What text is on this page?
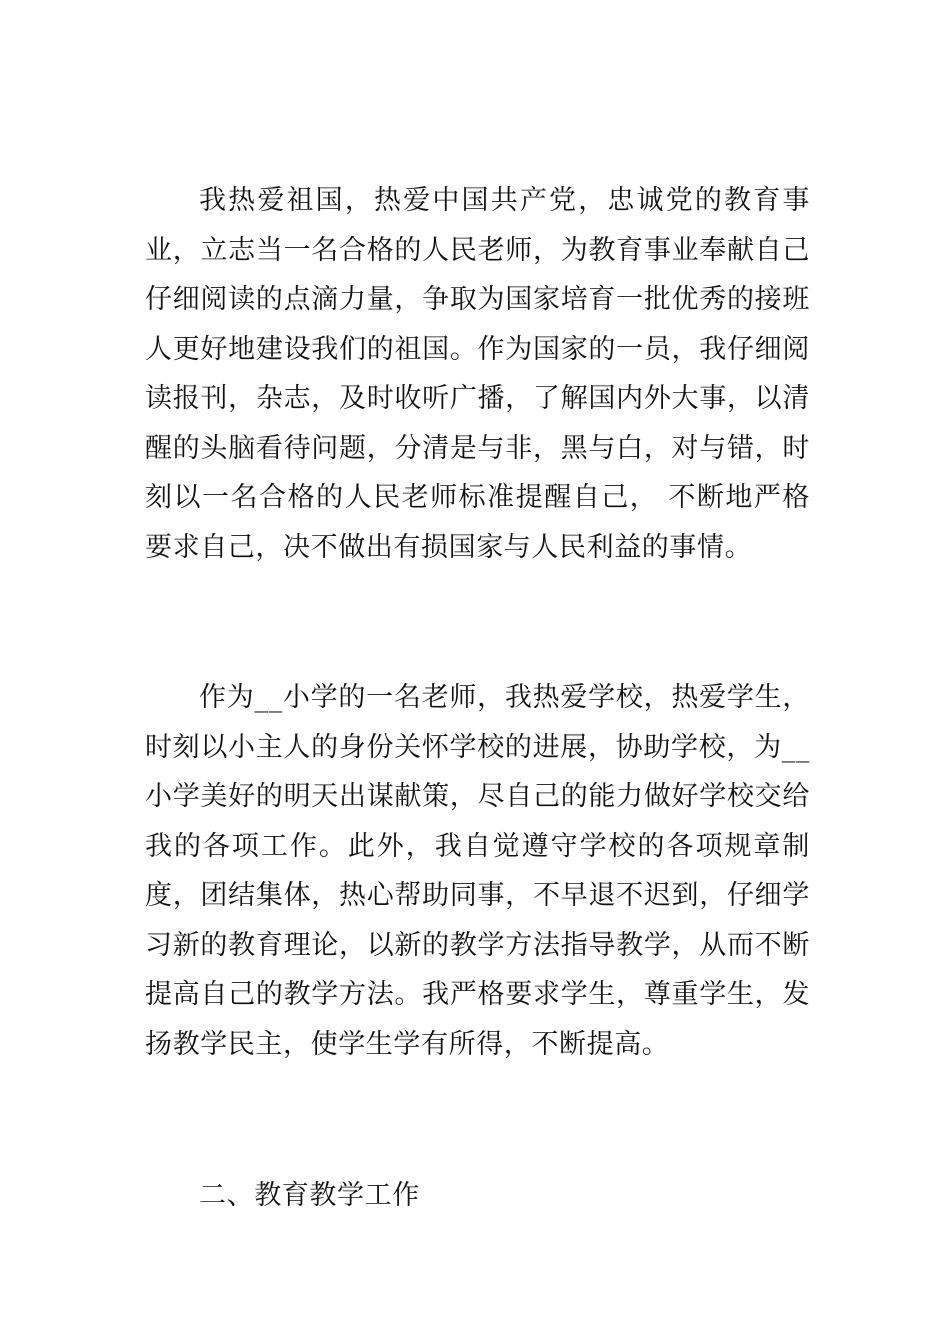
我热爱祖国，热爱中国共产党，忠诚党的教育事业，立志当一名合格的人民老师，为教育事业奉献自己仔细阅读的点滴力量，争取为国家培育一批优秀的接班人更好地建设我们的祖国。作为国家的一员，我仔细阅读报刊，杂志，及时收听广播，了解国内外大事，以清醒的头脑看待问题，分清是与非，黑与白，对与错，时刻以一名合格的人民老师标准提醒自己， 不断地严格要求自己，决不做出有损国家与人民利益的事情。

作为__小学的一名老师，我热爱学校，热爱学生，时刻以小主人的身份关怀学校的进展，协助学校，为__小学美好的明天出谋献策，尽自己的能力做好学校交给我的各项工作。此外，我自觉遵守学校的各项规章制度，团结集体，热心帮助同事，不早退不迟到，仔细学习新的教育理论，以新的教学方法指导教学，从而不断提高自己的教学方法。我严格要求学生，尊重学生，发扬教学民主，使学生学有所得，不断提高。

二、教育教学工作
